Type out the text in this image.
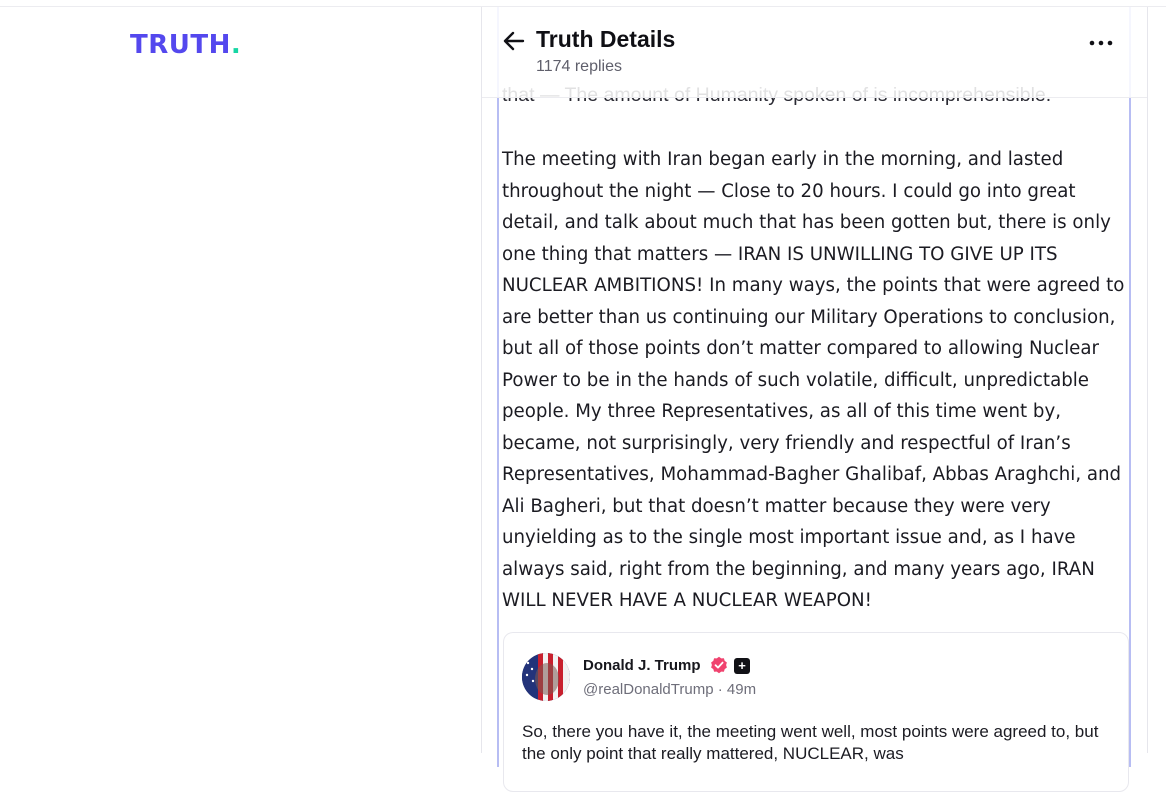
TRUTH.
The meeting with Iran began early in the morning, and lasted throughout the night — Close to 20 hours. I could go into great detail, and talk about much that has been gotten but, there is only one thing that matters — IRAN IS UNWILLING TO GIVE UP ITS NUCLEAR AMBITIONS! In many ways, the points that were agreed to are better than us continuing our Military Operations to conclusion, but all of those points don’t matter compared to allowing Nuclear Power to be in the hands of such volatile, difficult, unpredictable people. My three Representatives, as all of this time went by, became, not surprisingly, very friendly and respectful of Iran’s Representatives, Mohammad-Bagher Ghalibaf, Abbas Araghchi, and Ali Bagheri, but that doesn’t matter because they were very unyielding as to the single most important issue and, as I have always said, right from the beginning, and many years ago, IRAN WILL NEVER HAVE A NUCLEAR WEAPON!
Donald J. Trump	+
@realDonaldTrump · 49m
So, there you have it, the meeting went well, most points were agreed to, but the only point that really mattered, NUCLEAR, was
Truth Details
1174 replies
